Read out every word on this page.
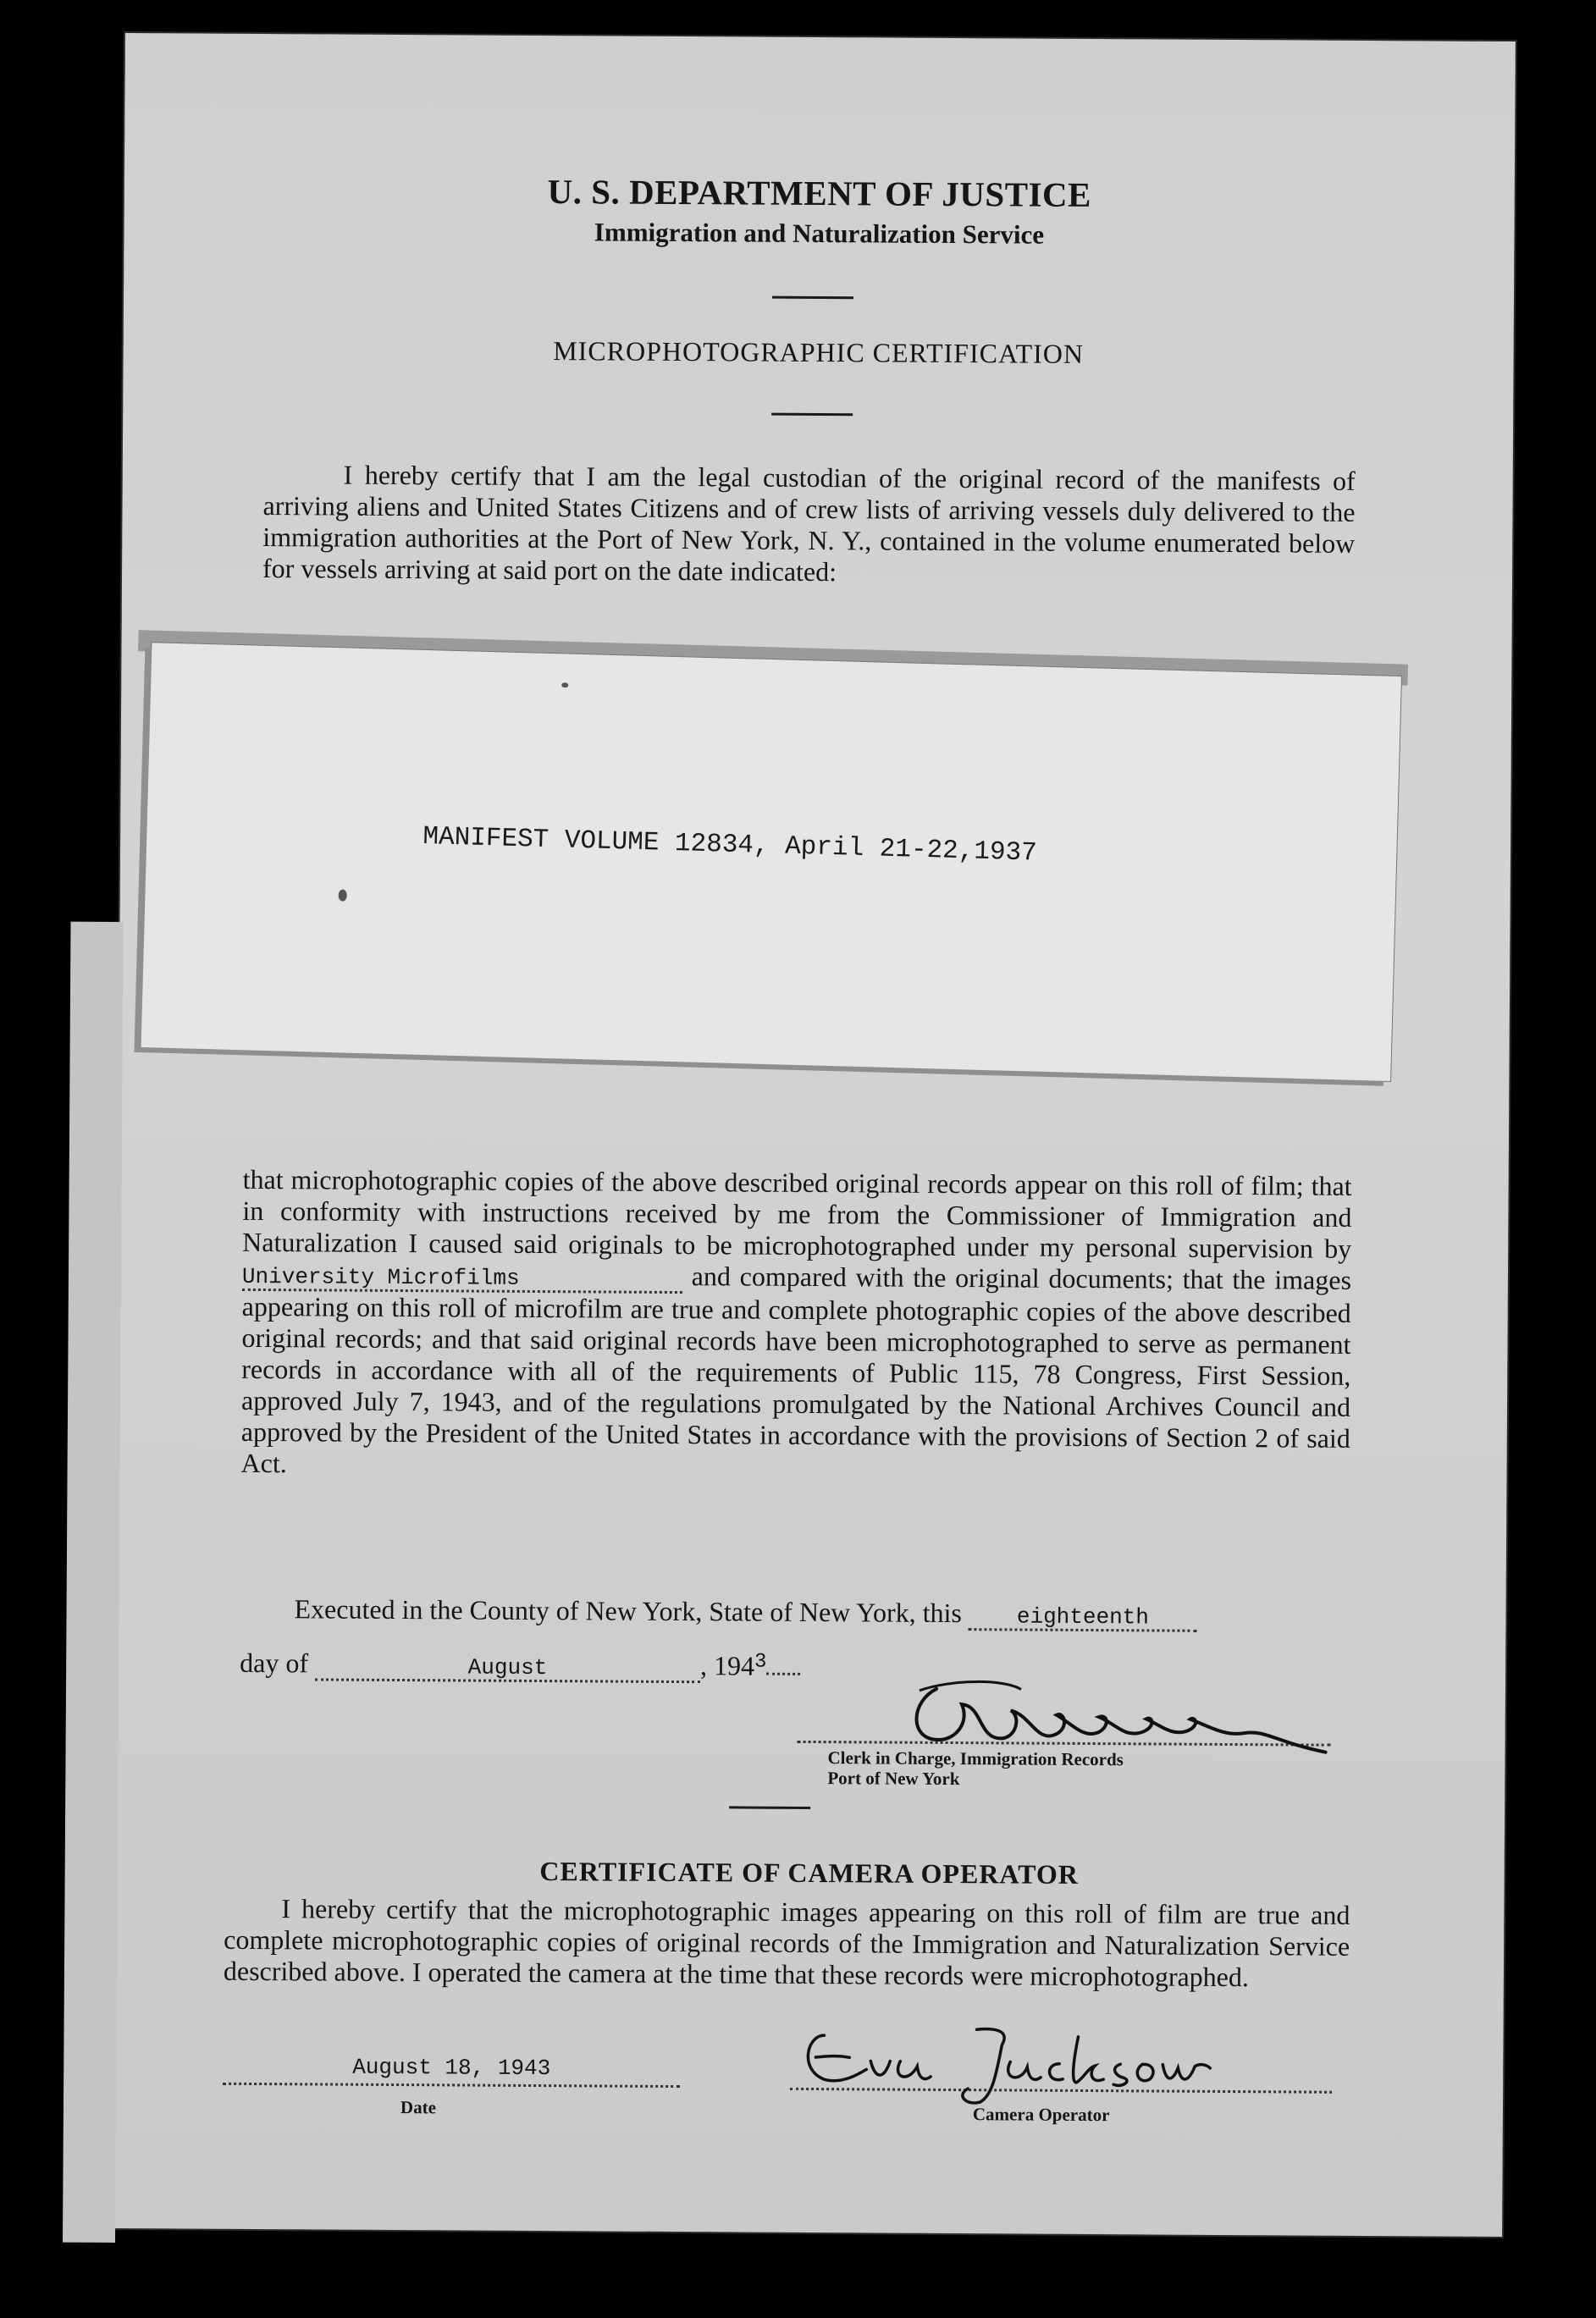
U. S. DEPARTMENT OF JUSTICE
Immigration and Naturalization Service
MICROPHOTOGRAPHIC CERTIFICATION
I hereby certify that I am the legal custodian of the original record of the manifests of arriving aliens and United States Citizens and of crew lists of arriving vessels duly delivered to the immigration authorities at the Port of New York, N. Y., contained in the volume enumerated below for vessels arriving at said port on the date indicated:
MANIFEST VOLUME 12834, April 21-22,1937
that microphotographic copies of the above described original records appear on this roll of film; that in conformity with instructions received by me from the Commissioner of Immigration and Naturalization I caused said originals to be microphotographed under my personal supervision by University Microfilms	and compared with the original documents; that the images appearing on this roll of microfilm are true and complete photographic copies of the above described original records; and that said original records have been microphotographed to serve as permanent records in accordance with all of the requirements of Public 115, 78 Congress, First Session, approved July 7, 1943, and of the regulations promulgated by the National Archives Council and approved by the President of the United States in accordance with the provisions of Section 2 of said Act.
Executed in the County of New York, State of New York, this eighteenth
day of	August	, $194^3$
Clerk in Charge, Immigration Records
Port of New York
CERTIFICATE OF CAMERA OPERATOR
I hereby certify that the microphotographic images appearing on this roll of film are true and complete microphotographic copies of original records of the Immigration and Naturalization Service described above. I operated the camera at the time that these records were microphotographed.
August 18, 1943
Date	Camera Operator
